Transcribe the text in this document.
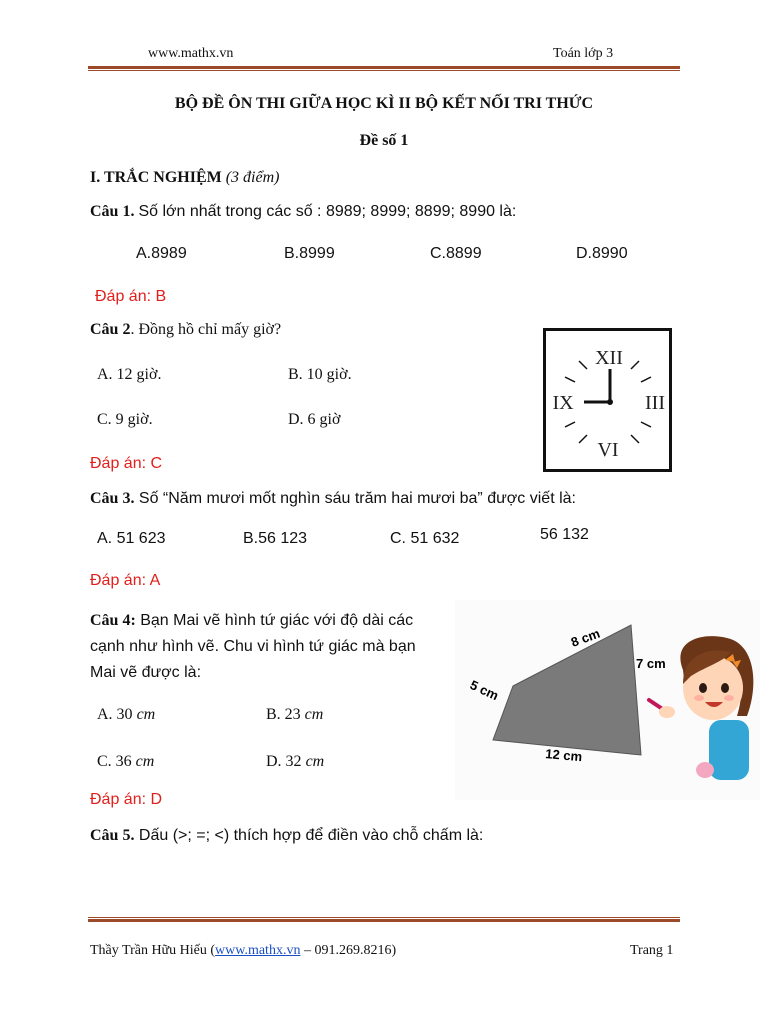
www.mathx.vn	Toán lớp 3
BỘ ĐỀ ÔN THI GIỮA HỌC KÌ II BỘ KẾT NỐI TRI THỨC
Đề số 1
I. TRẮC NGHIỆM (3 điểm)
Câu 1. Số lớn nhất trong các số : 8989; 8999; 8899; 8990 là:
A.8989	B.8999	C.8899	D.8990
Đáp án: B
Câu 2. Đồng hồ chỉ mấy giờ?
A. 12 giờ.	B. 10 giờ.
C. 9 giờ.	D. 6 giờ
Đáp án: C
XII
III
VI
IX
Câu 3. Số “Năm mươi mốt nghìn sáu trăm hai mươi ba” được viết là:
A. 51 623	B.56 123	C. 51 632	56 132
Đáp án: A
Câu 4: Bạn Mai vẽ hình tứ giác với độ dài các cạnh như hình vẽ. Chu vi hình tứ giác mà bạn Mai vẽ được là:
A. 30 cm	B. 23 cm
C. 36 cm	D. 32 cm
Đáp án: D
8 cm
7 cm
5 cm
12 cm
Câu 5. Dấu (>; =; <) thích hợp để điền vào chỗ chấm là:
Thầy Trần Hữu Hiếu (www.mathx.vn – 091.269.8216)	Trang 1
